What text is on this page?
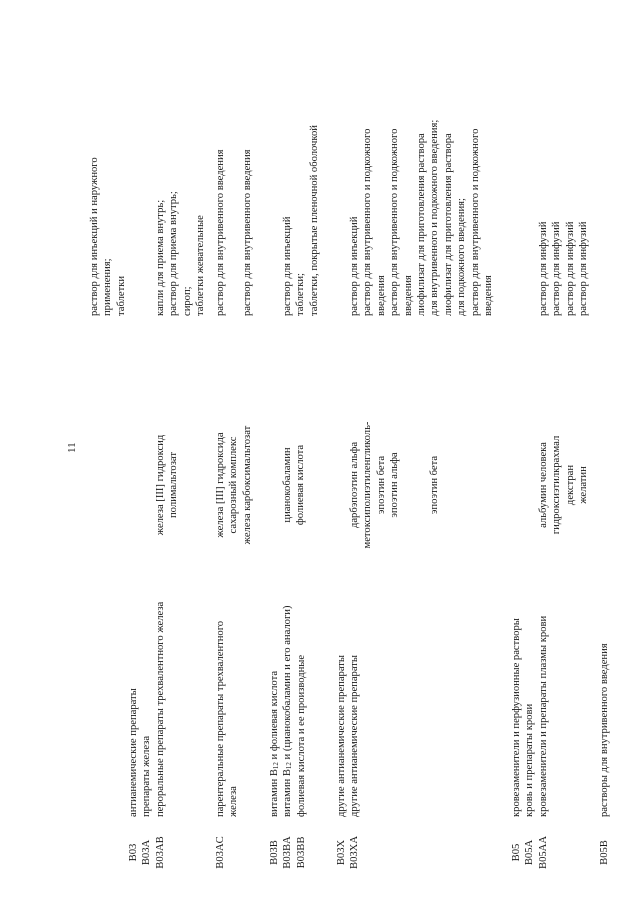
11
раствор для инъекций и наружного применения; таблетки
B03 B03A B03AB
антианемические препараты препараты железа пероральные препараты трехвалентного железа
железа [III] гидроксид полимальтозат
капли для приема внутрь; раствор для приема внутрь; сироп; таблетки жевательные
B03AC
парентеральные препараты трехвалентного железа
железа [III] гидроксида сахарозный комплекс железа карбоксимальтозат
раствор для внутривенного введения
раствор для внутривенного введения
B03B B03BA B03BB
витамин $B_{12}$ и фолиевая кислота
витамин $B_{12}$ и (цианокобаламин и его аналоги) фолиевая кислота и ее производные
цианокобаламин фолиевая кислота
раствор для инъекций таблетки; таблетки, покрытые пленочной оболочкой
B03X B03XA
другие антианемические препараты другие антианемические препараты
дарбэпоэтин альфа метоксиполиэтиленгликоль- эпоэтин бета эпоэтин альфа

	эпоэтин бета
раствор для инъекций раствор для внутривенного и подкожного введения раствор для внутривенного и подкожного введения лиофилизат для приготовления раствора для внутривенного и подкожного введения; лиофилизат для приготовления раствора для подкожного введения; раствор для внутривенного и подкожного введения
B05 B05A B05AA
кровезаменители и перфузионные растворы кровь и препараты крови кровезаменители и препараты плазмы крови
альбумин человека гидроксиэтилкрахмал декстран желатин
раствор для инфузий раствор для инфузий раствор для инфузий раствор для инфузий
B05B
растворы для внутривенного введения
